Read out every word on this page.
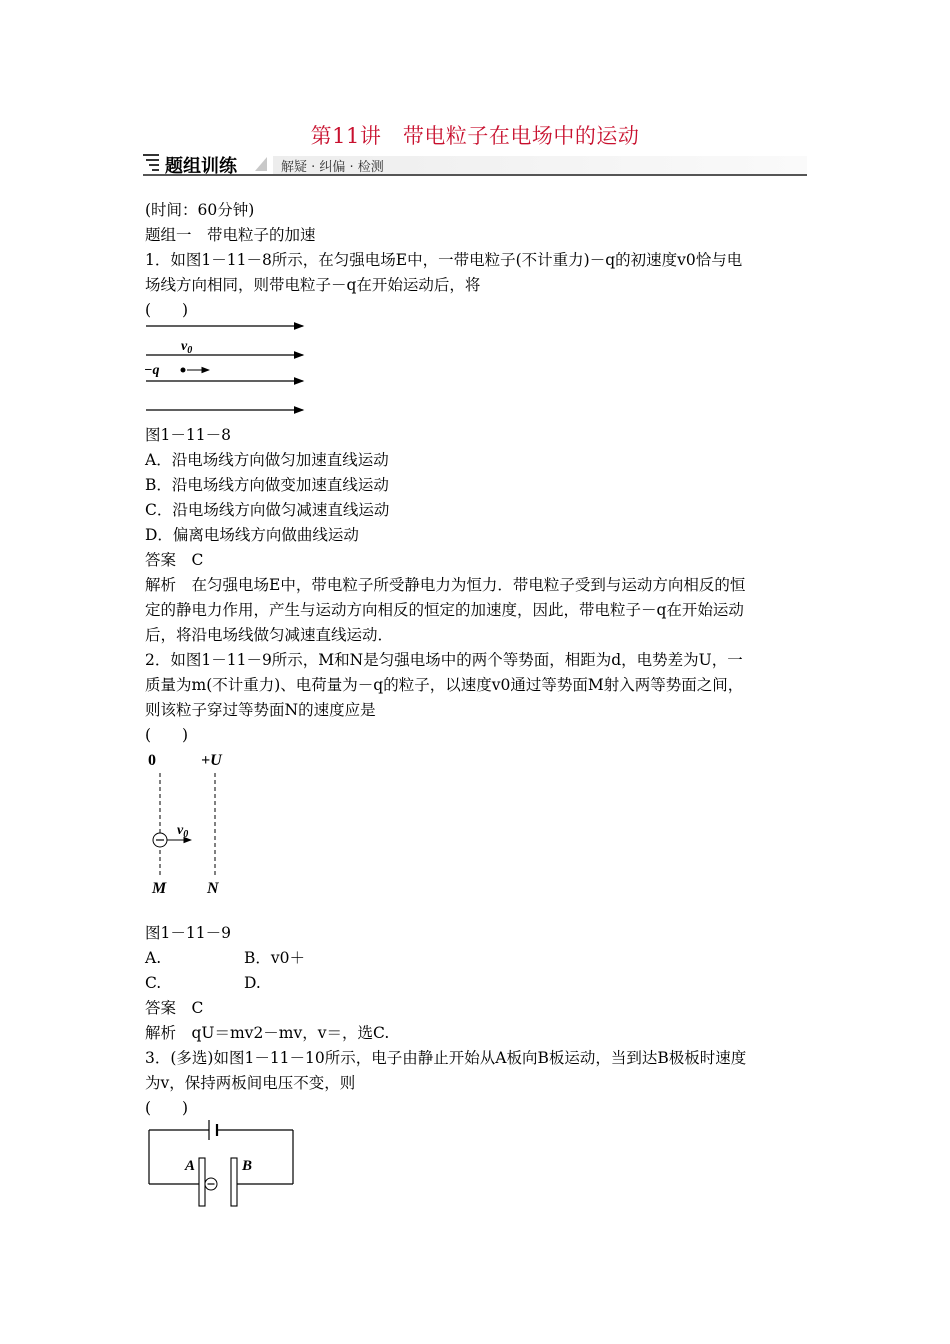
第11讲　带电粒子在电场中的运动
题组训练	解疑 · 纠偏 · 检测
(时间：60分钟)
题组一　带电粒子的加速
1．如图1－11－8所示，在匀强电场E中，一带电粒子(不计重力)－q的初速度v0恰与电
场线方向相同，则带电粒子－q在开始运动后，将
(　　)
$v_0$
−q
图1－11－8
A．沿电场线方向做匀加速直线运动
B．沿电场线方向做变加速直线运动
C．沿电场线方向做匀减速直线运动
D．偏离电场线方向做曲线运动
答案　C
解析　在匀强电场E中，带电粒子所受静电力为恒力．带电粒子受到与运动方向相反的恒
定的静电力作用，产生与运动方向相反的恒定的加速度，因此，带电粒子－q在开始运动
后，将沿电场线做匀减速直线运动．
2．如图1－11－9所示，M和N是匀强电场中的两个等势面，相距为d，电势差为U，一
质量为m(不计重力)、电荷量为－q的粒子，以速度v0通过等势面M射入两等势面之间，
则该粒子穿过等势面N的速度应是
(　　)
0	+U
$v_0$
M	N
图1－11－9
A.	B．v0＋
C.	D.
答案　C
解析　qU＝mv2－mv，v＝，选C.
3．(多选)如图1－11－10所示，电子由静止开始从A板向B板运动，当到达B极板时速度
为v，保持两板间电压不变，则
(　　)
A	B
